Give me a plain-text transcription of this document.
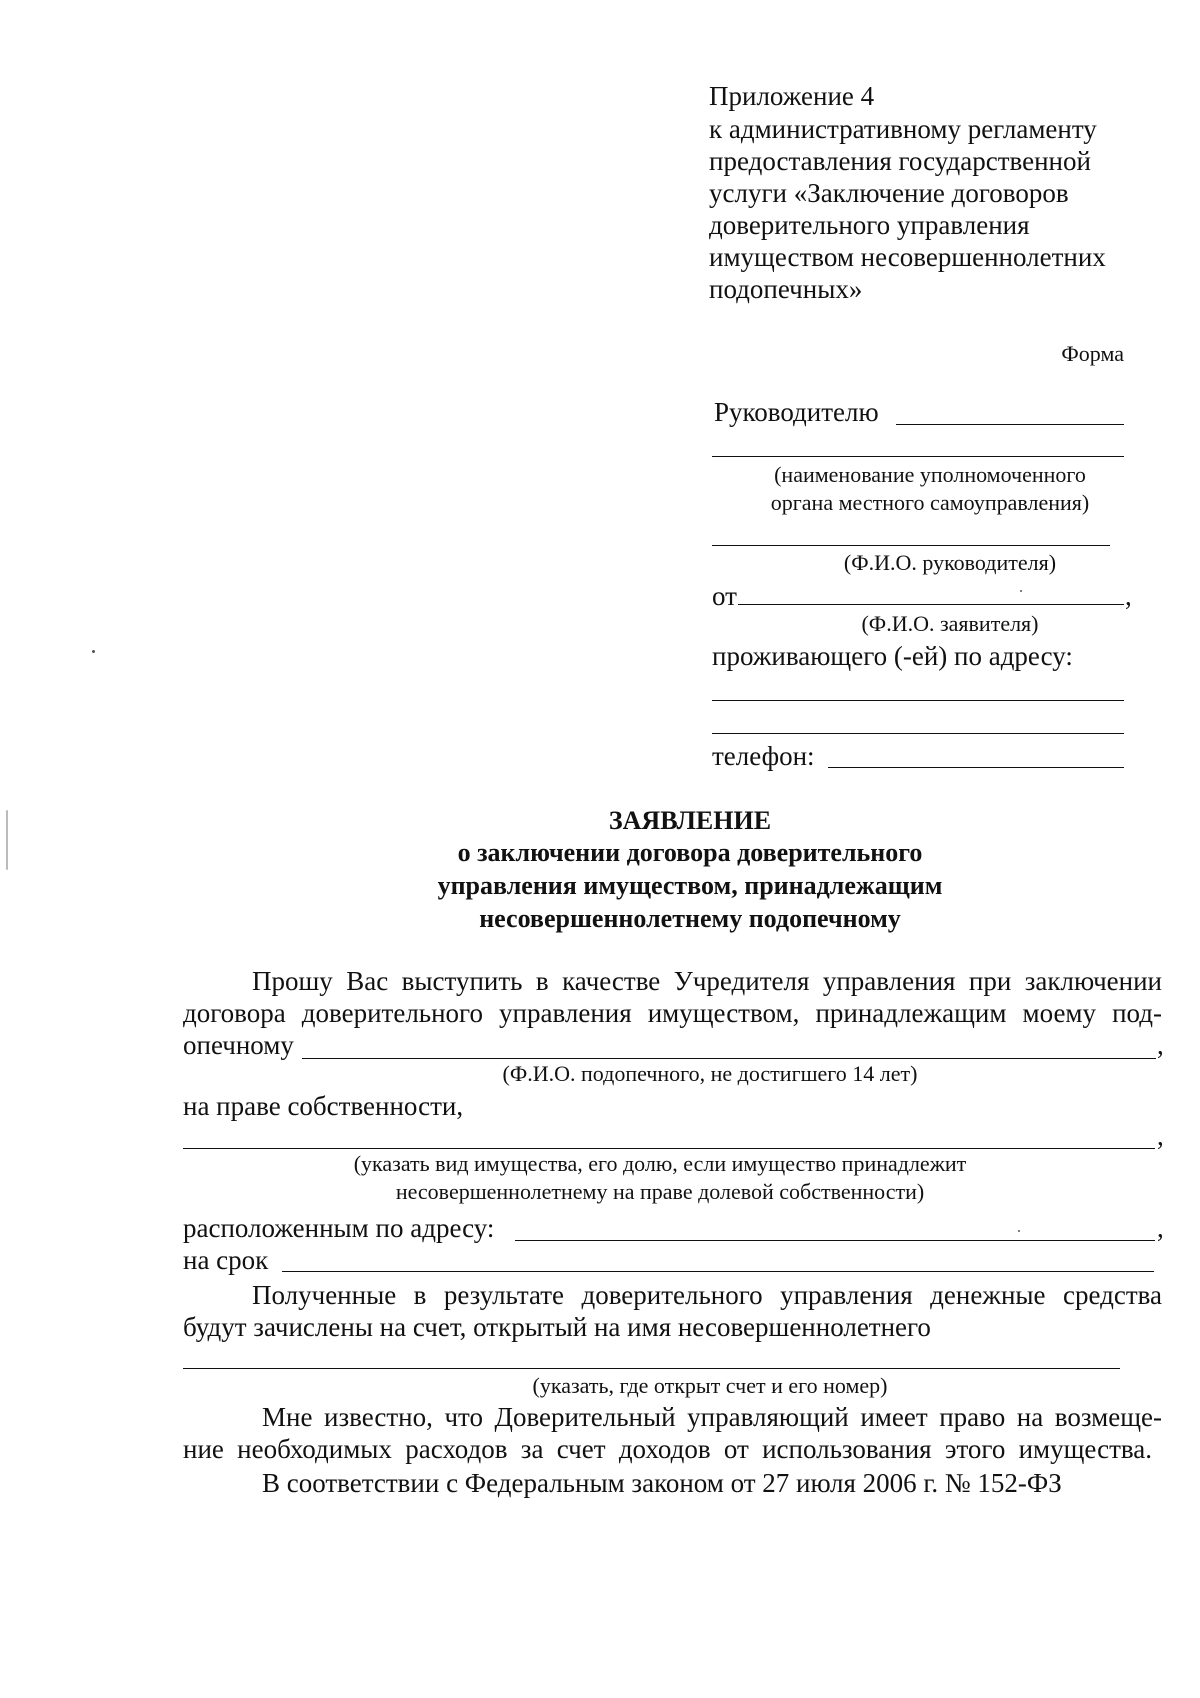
Приложение 4
к административному регламенту
предоставления государственной
услуги «Заключение договоров
доверительного управления
имуществом несовершеннолетних
подопечных»
Форма
Руководителю
(наименование уполномоченного
органа местного самоуправления)
(Ф.И.О. руководителя)
от	,
(Ф.И.О. заявителя)
проживающего (-ей) по адресу:
телефон:
ЗАЯВЛЕНИЕ
о заключении договора доверительного
управления имуществом, принадлежащим
несовершеннолетнему подопечному
Прошу Вас выступить в качестве Учредителя управления при заключении
договора доверительного управления имуществом, принадлежащим моему под-
опечному	,
(Ф.И.О. подопечного, не достигшего 14 лет)
на праве собственности,
,
(указать вид имущества, его долю, если имущество принадлежит
несовершеннолетнему на праве долевой собственности)
расположенным по адресу:	,
на срок
Полученные в результате доверительного управления денежные средства
будут зачислены на счет, открытый на имя несовершеннолетнего
(указать, где открыт счет и его номер)
Мне известно, что Доверительный управляющий имеет право на возмеще-
ние необходимых расходов за счет доходов от использования этого имущества.
В соответствии с Федеральным законом от 27 июля 2006 г. № 152-ФЗ
